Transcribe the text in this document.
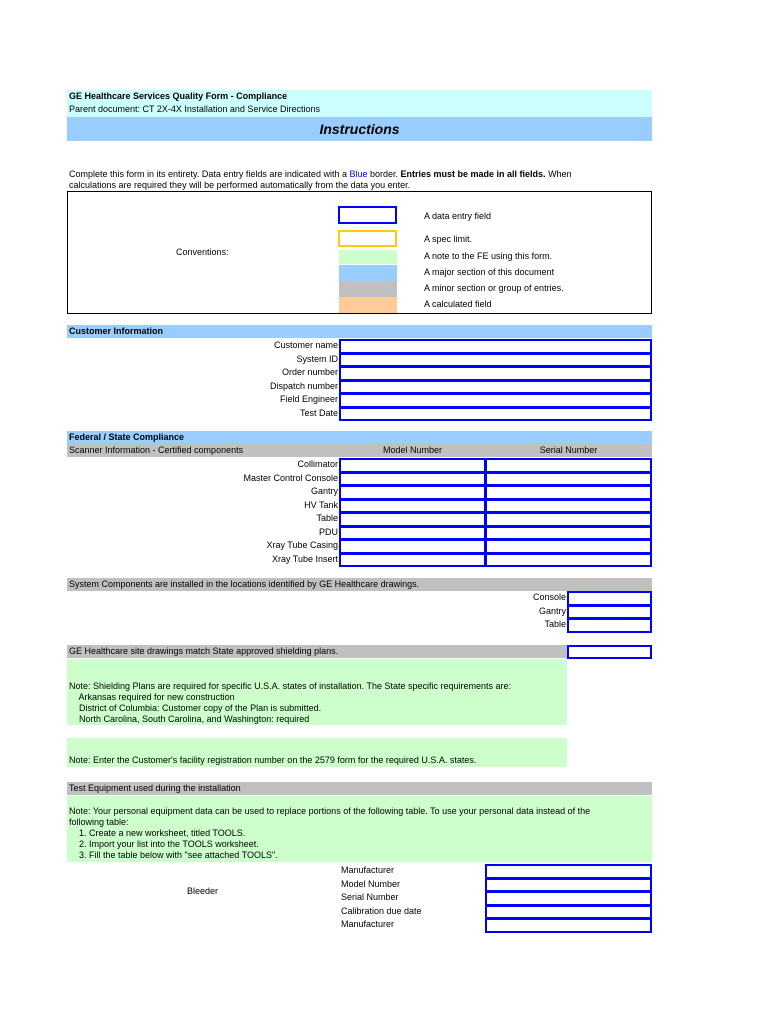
GE Healthcare Services Quality Form - Compliance
Parent document: CT 2X-4X Installation and Service Directions
Instructions
Complete this form in its entirety. Data entry fields are indicated with a Blue border. Entries must be made in all fields. When
calculations are required they will be performed automatically from the data you enter.
Conventions:
A data entry field
A spec limit.
A note to the FE using this form.
A major section of this document
A minor section or group of entries.
A calculated field
Customer Information
Customer name
System ID
Order number
Dispatch number
Field Engineer
Test Date
Federal / State Compliance
Scanner Information - Certified components	Model Number	Serial Number
Collimator
Master Control Console
Gantry
HV Tank
Table
PDU
Xray Tube Casing
Xray Tube Insert
System Components are installed in the locations identified by GE Healthcare drawings.
Console
Gantry
Table
GE Healthcare site drawings match State approved shielding plans.
Note: Shielding Plans are required for specific U.S.A. states of installation. The State specific requirements are:
Arkansas required for new construction
District of Columbia: Customer copy of the Plan is submitted.
North Carolina, South Carolina, and Washington: required
Note: Enter the Customer's facility registration number on the 2579 form for the required U.S.A. states.
Test Equipment used during the installation
Note: Your personal equipment data can be used to replace portions of the following table. To use your personal data instead of the
following table:
1. Create a new worksheet, titled TOOLS.
2. Import your list into the TOOLS worksheet.
3. Fill the table below with "see attached TOOLS".
Bleeder
Manufacturer
Model Number
Serial Number
Calibration due date
Manufacturer
